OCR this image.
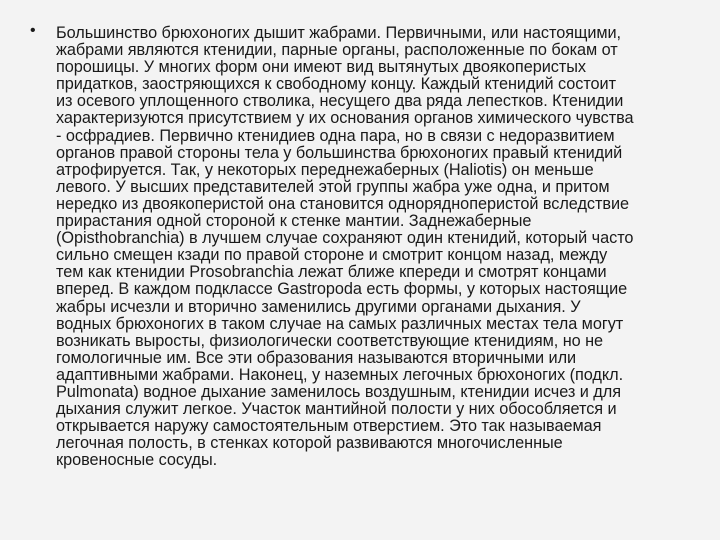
• Большинство брюхоногих дышит жабрами. Первичными, или настоящими,
жабрами являются ктенидии, парные органы, расположенные по бокам от
порошицы. У многих форм они имеют вид вытянутых двоякоперистых
придатков, заостряющихся к свободному концу. Каждый ктенидий состоит
из осевого уплощенного стволика, несущего два ряда лепестков. Ктенидии
характеризуются присутствием у их основания органов химического чувства
- осфрадиев. Первично ктенидиев одна пара, но в связи с недоразвитием
органов правой стороны тела у большинства брюхоногих правый ктенидий
атрофируется. Так, у некоторых переднежаберных (Haliotis) он меньше
левого. У высших представителей этой группы жабра уже одна, и притом
нередко из двоякоперистой она становится однорядноперистой вследствие
прирастания одной стороной к стенке мантии. Заднежаберные
(Opisthobranchia) в лучшем случае сохраняют один ктенидий, который часто
сильно смещен кзади по правой стороне и смотрит концом назад, между
тем как ктенидии Prosobranchia лежат ближе кпереди и смотрят концами
вперед. В каждом подклассе Gastropoda есть формы, у которых настоящие
жабры исчезли и вторично заменились другими органами дыхания. У
водных брюхоногих в таком случае на самых различных местах тела могут
возникать выросты, физиологически соответствующие ктенидиям, но не
гомологичные им. Все эти образования называются вторичными или
адаптивными жабрами. Наконец, у наземных легочных брюхоногих (подкл.
Pulmonata) водное дыхание заменилось воздушным, ктенидии исчез и для
дыхания служит легкое. Участок мантийной полости у них обособляется и
открывается наружу самостоятельным отверстием. Это так называемая
легочная полость, в стенках которой развиваются многочисленные
кровеносные сосуды.
